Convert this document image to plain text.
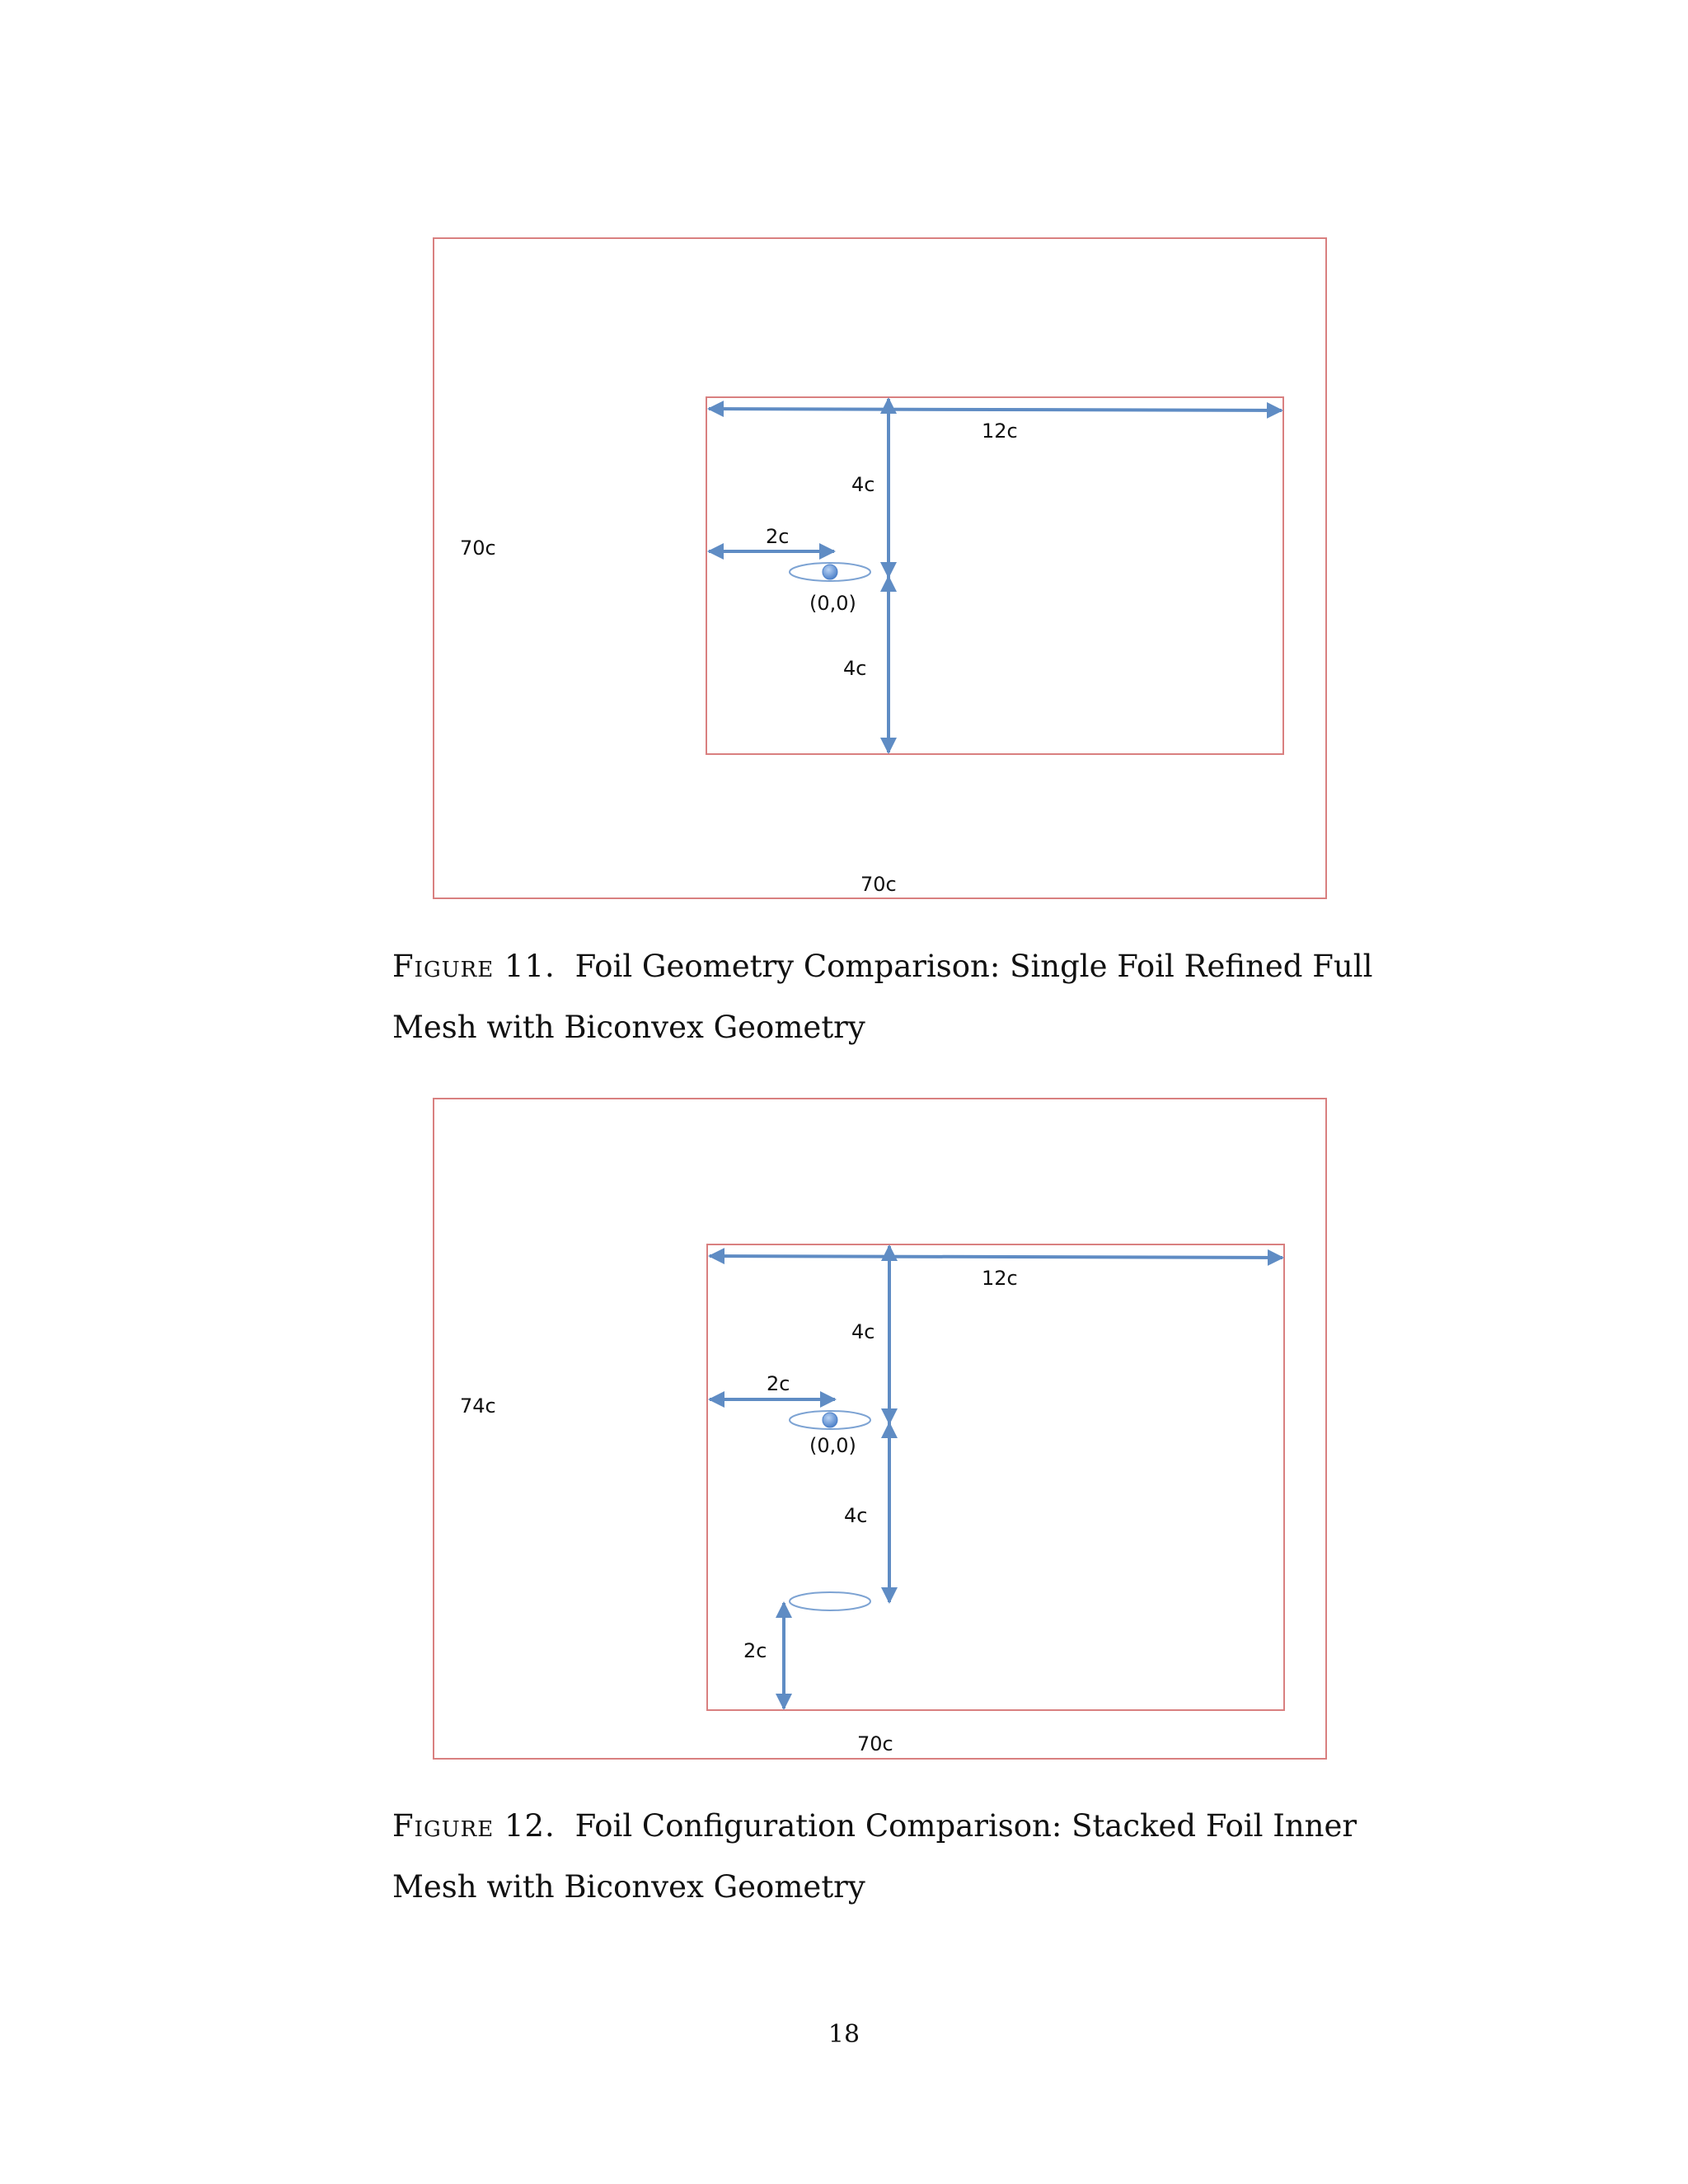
70c
70c
12c
4c
2c
(0,0)
4c
74c
70c
12c
4c
2c
(0,0)
4c
2c
Figure 11. Foil Geometry Comparison: Single Foil Refined Full Mesh with Biconvex Geometry
Figure 12. Foil Configuration Comparison: Stacked Foil Inner Mesh with Biconvex Geometry
18
